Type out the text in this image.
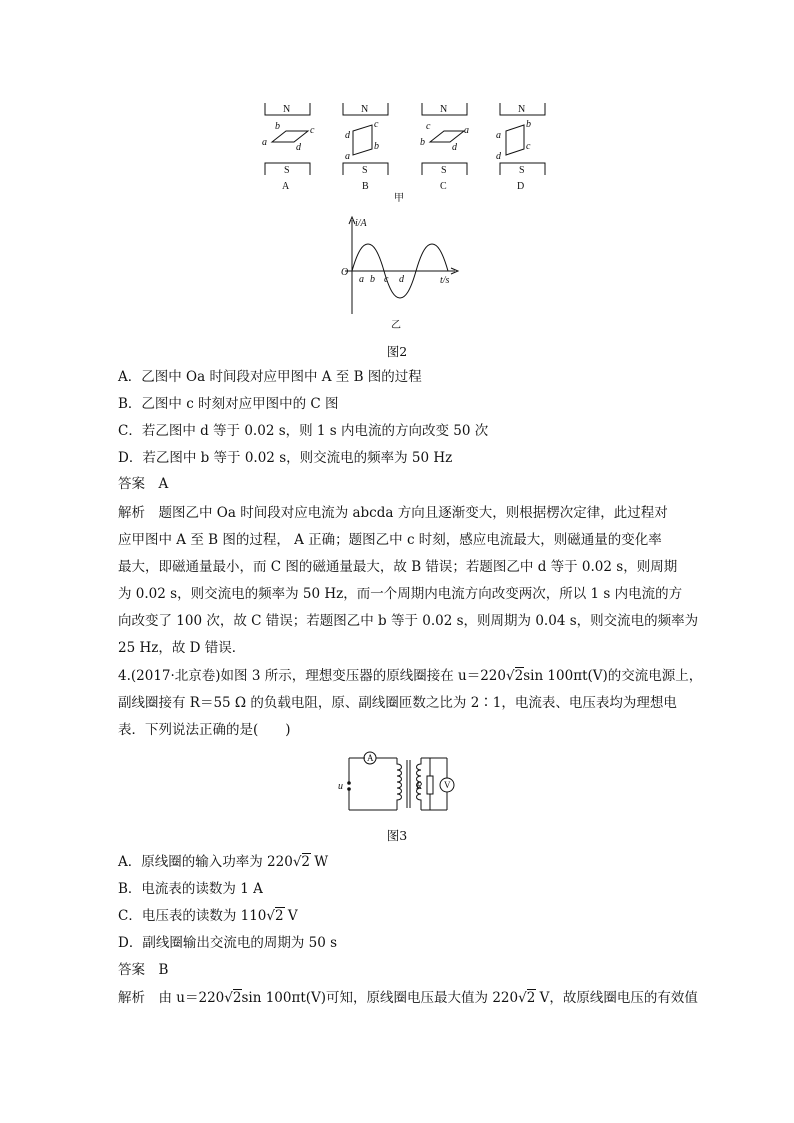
N
S
A
b	c
a	d
N
S
B
c
d
b
a
N
S
C
c	a
b	d
N
S
D
b
a
d
c
甲
i/A
t/s
O
a b c d
乙
图2
A．乙图中 Oa 时间段对应甲图中 A 至 B 图的过程
B．乙图中 c 时刻对应甲图中的 C 图
C．若乙图中 d 等于 0.02 s，则 1 s 内电流的方向改变 50 次
D．若乙图中 b 等于 0.02 s，则交流电的频率为 50 Hz
答案　A
解析　题图乙中 Oa 时间段对应电流为 abcda 方向且逐渐变大，则根据楞次定律，此过程对
应甲图中 A 至 B 图的过程， A 正确；题图乙中 c 时刻，感应电流最大，则磁通量的变化率
最大，即磁通量最小，而 C 图的磁通量最大，故 B 错误；若题图乙中 d 等于 0.02 s，则周期
为 0.02 s，则交流电的频率为 50 Hz，而一个周期内电流方向改变两次，所以 1 s 内电流的方
向改变了 100 次，故 C 错误；若题图乙中 b 等于 0.02 s，则周期为 0.04 s，则交流电的频率为
25 Hz，故 D 错误．
4.(2017·北京卷)如图 3 所示，理想变压器的原线圈接在 u＝220√2sin 100πt(V)的交流电源上，
副线圈接有 R＝55 Ω 的负载电阻，原、副线圈匝数之比为 2∶1，电流表、电压表均为理想电
表．下列说法正确的是(　　)
A
V
R
u
图3
A．原线圈的输入功率为 220√2 W
B．电流表的读数为 1 A
C．电压表的读数为 110√2 V
D．副线圈输出交流电的周期为 50 s
答案　B
解析　由 u＝220√2sin 100πt(V)可知，原线圈电压最大值为 220√2 V，故原线圈电压的有效值
